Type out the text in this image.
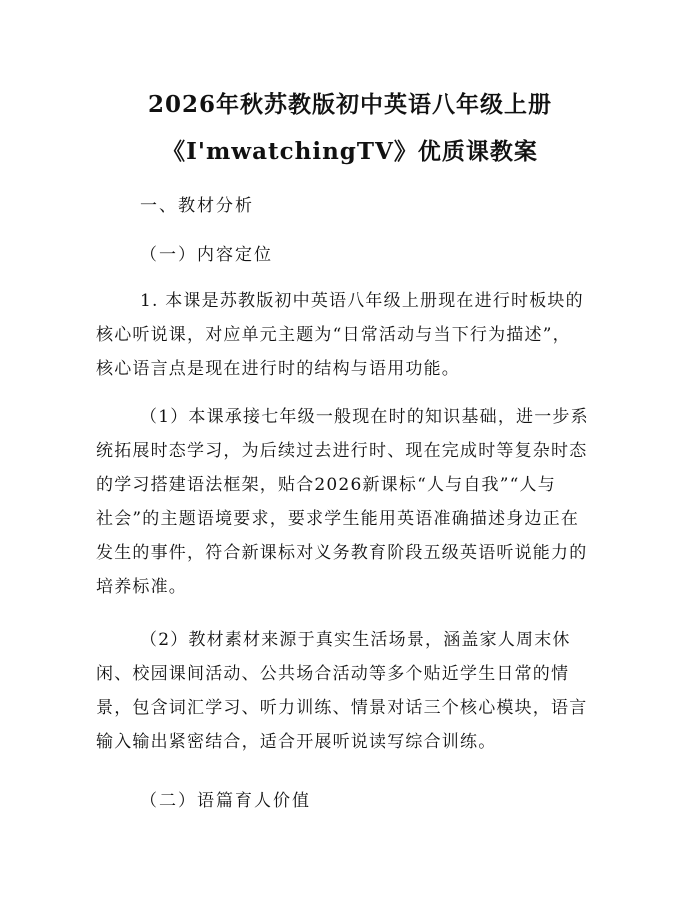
2026年秋苏教版初中英语八年级上册
《I'mwatchingTV》优质课教案
一、教材分析
（一）内容定位
1. 本课是苏教版初中英语八年级上册现在进行时板块的
核心听说课，对应单元主题为“日常活动与当下行为描述”，
核心语言点是现在进行时的结构与语用功能。
（1）本课承接七年级一般现在时的知识基础，进一步系
统拓展时态学习，为后续过去进行时、现在完成时等复杂时态
的学习搭建语法框架，贴合2026新课标“人与自我”“人与
社会”的主题语境要求，要求学生能用英语准确描述身边正在
发生的事件，符合新课标对义务教育阶段五级英语听说能力的
培养标准。
（2）教材素材来源于真实生活场景，涵盖家人周末休
闲、校园课间活动、公共场合活动等多个贴近学生日常的情
景，包含词汇学习、听力训练、情景对话三个核心模块，语言
输入输出紧密结合，适合开展听说读写综合训练。
（二）语篇育人价值
